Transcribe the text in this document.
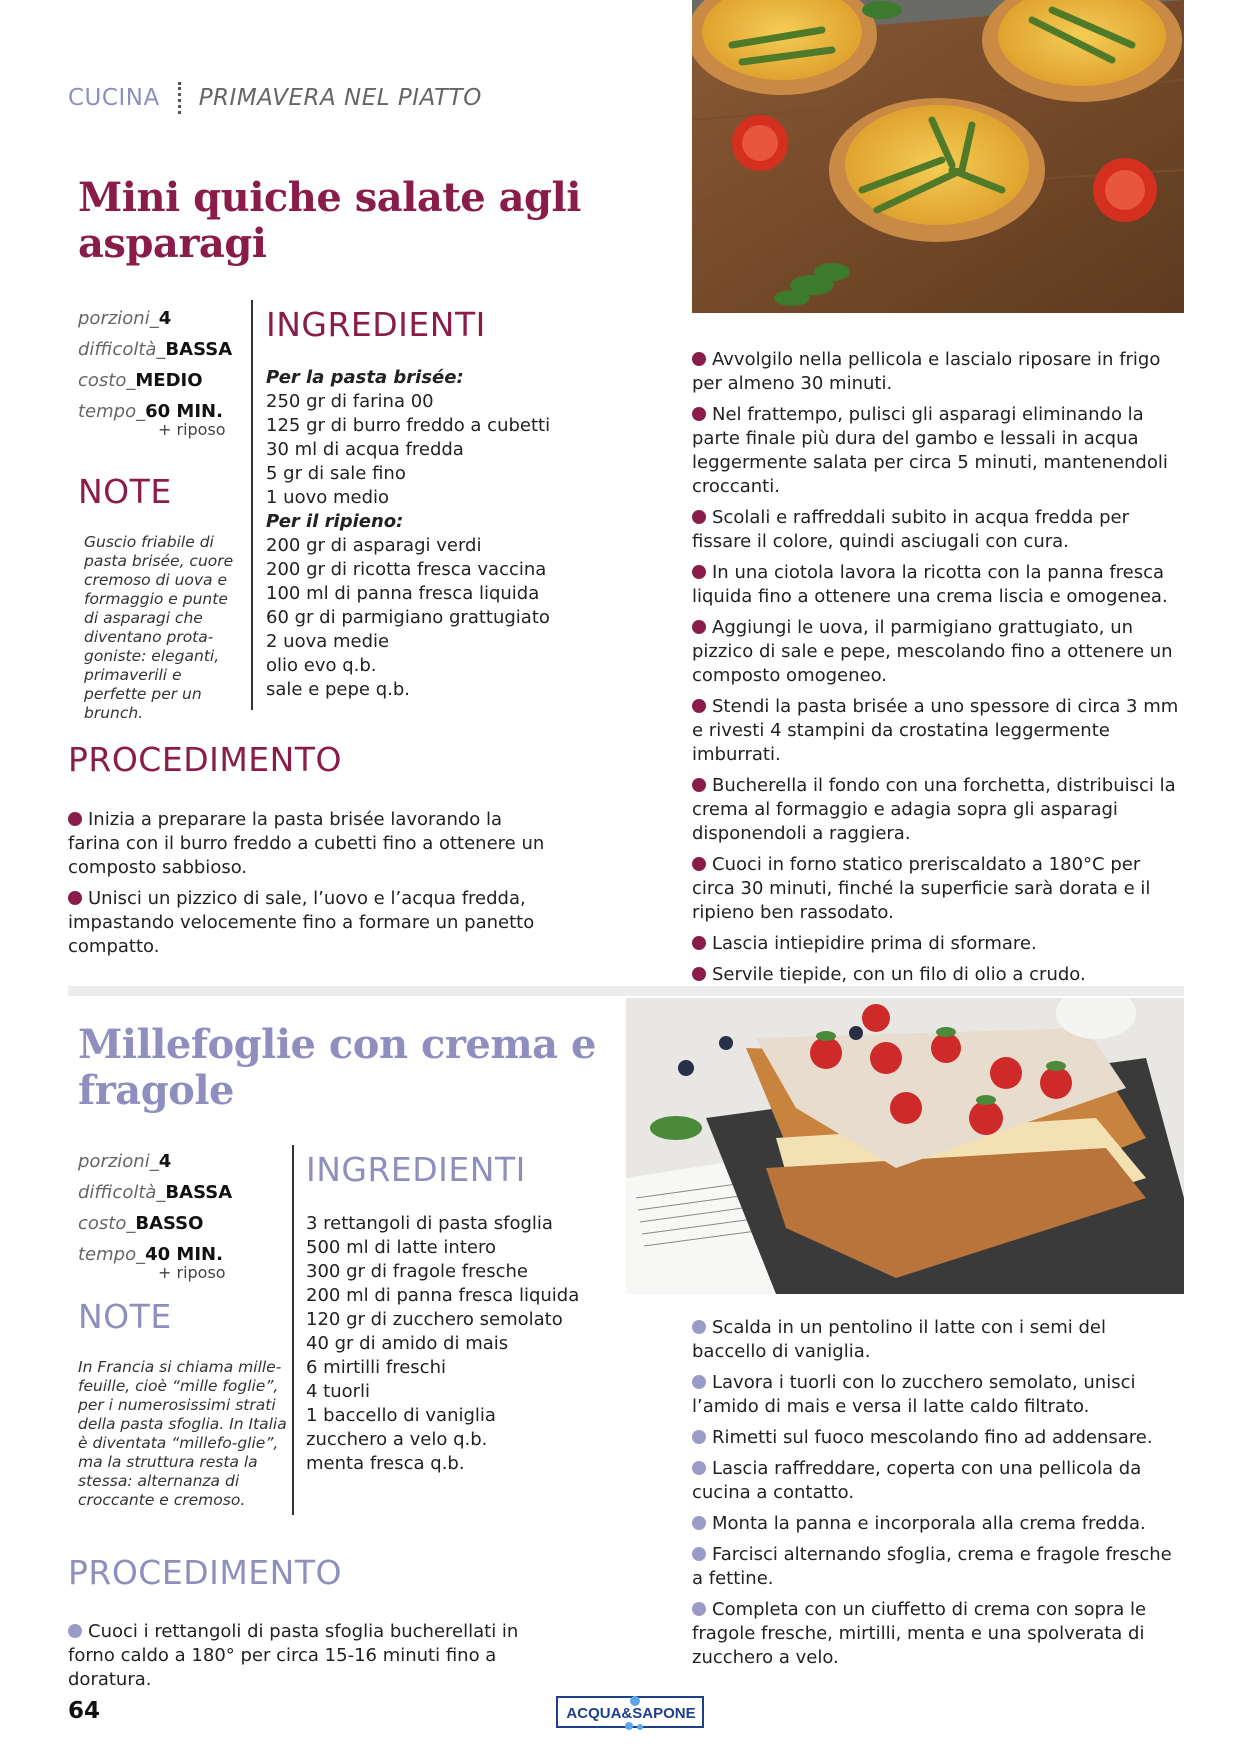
CUCINA PRIMAVERA NEL PIATTO
Mini quiche salate agli
asparagi
porzioni_4
difficoltà_BASSA
costo_MEDIO
tempo_60 MIN.
+ riposo
NOTE
Guscio friabile di pasta brisée, cuore cremoso di uova e formaggio e punte di asparagi che diventano prota-goniste: eleganti, primaverili e perfette per un brunch.
INGREDIENTI
Per la pasta brisée:
250 gr di farina 00
125 gr di burro freddo a cubetti
30 ml di acqua fredda
5 gr di sale fino
1 uovo medio
Per il ripieno:
200 gr di asparagi verdi
200 gr di ricotta fresca vaccina
100 ml di panna fresca liquida
60 gr di parmigiano grattugiato
2 uova medie
olio evo q.b.
sale e pepe q.b.
PROCEDIMENTO
Inizia a preparare la pasta brisée lavorando la farina con il burro freddo a cubetti fino a ottenere un composto sabbioso.
Unisci un pizzico di sale, l’uovo e l’acqua fredda, impastando velocemente fino a formare un panetto compatto.
Avvolgilo nella pellicola e lascialo riposare in frigo per almeno 30 minuti.
Nel frattempo, pulisci gli asparagi eliminando la parte finale più dura del gambo e lessali in acqua leggermente salata per circa 5 minuti, mantenendoli croccanti.
Scolali e raffreddali subito in acqua fredda per fissare il colore, quindi asciugali con cura.
In una ciotola lavora la ricotta con la panna fresca liquida fino a ottenere una crema liscia e omogenea.
Aggiungi le uova, il parmigiano grattugiato, un pizzico di sale e pepe, mescolando fino a ottenere un composto omogeneo.
Stendi la pasta brisée a uno spessore di circa 3 mm e rivesti 4 stampini da crostatina leggermente imburrati.
Bucherella il fondo con una forchetta, distribuisci la crema al formaggio e adagia sopra gli asparagi disponendoli a raggiera.
Cuoci in forno statico preriscaldato a 180°C per circa 30 minuti, finché la superficie sarà dorata e il ripieno ben rassodato.
Lascia intiepidire prima di sformare.
Servile tiepide, con un filo di olio a crudo.
Millefoglie con crema e
fragole
porzioni_4
difficoltà_BASSA
costo_BASSO
tempo_40 MIN.
+ riposo
NOTE
In Francia si chiama mille-feuille, cioè “mille foglie”, per i numerosissimi strati della pasta sfoglia. In Italia è diventata “millefo-glie”, ma la struttura resta la stessa: alternanza di croccante e cremoso.
INGREDIENTI
3 rettangoli di pasta sfoglia
500 ml di latte intero
300 gr di fragole fresche
200 ml di panna fresca liquida
120 gr di zucchero semolato
40 gr di amido di mais
6 mirtilli freschi
4 tuorli
1 baccello di vaniglia
zucchero a velo q.b.
menta fresca q.b.
PROCEDIMENTO
Cuoci i rettangoli di pasta sfoglia bucherellati in forno caldo a 180° per circa 15-16 minuti fino a doratura.
Scalda in un pentolino il latte con i semi del baccello di vaniglia.
Lavora i tuorli con lo zucchero semolato, unisci l’amido di mais e versa il latte caldo filtrato.
Rimetti sul fuoco mescolando fino ad addensare.
Lascia raffreddare, coperta con una pellicola da cucina a contatto.
Monta la panna e incorporala alla crema fredda.
Farcisci alternando sfoglia, crema e fragole fresche a fettine.
Completa con un ciuffetto di crema con sopra le fragole fresche, mirtilli, menta e una spolverata di zucchero a velo.
64	ACQUA&SAPONE
